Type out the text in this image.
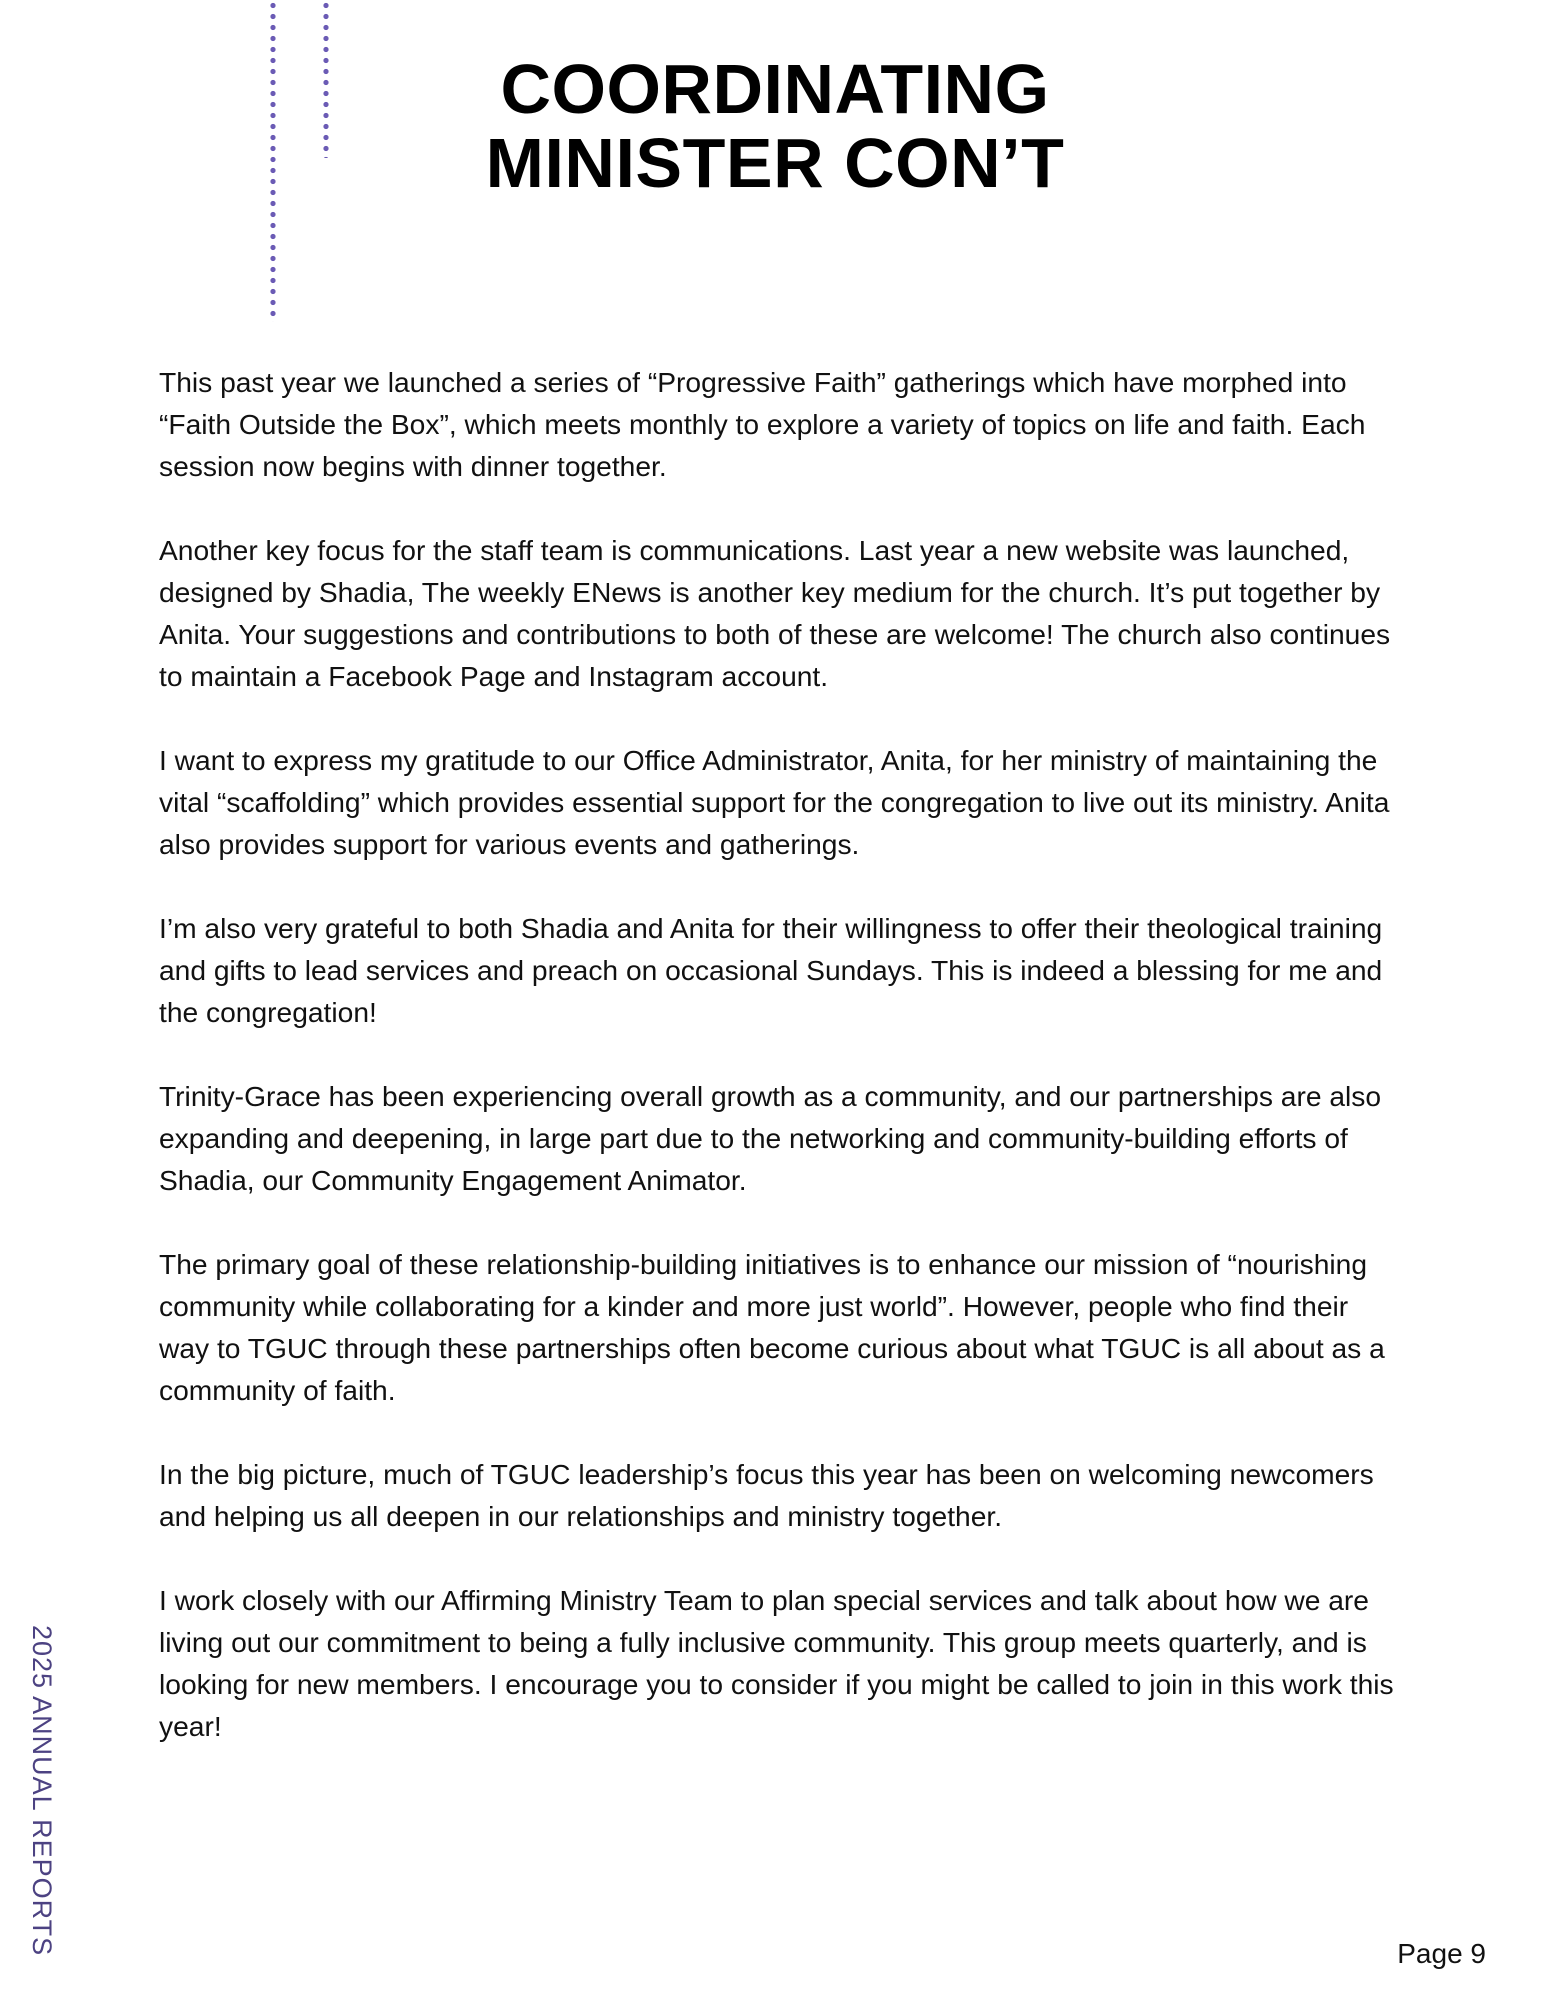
COORDINATING
MINISTER CON’T

This past year we launched a series of “Progressive Faith” gatherings which have morphed into “Faith Outside the Box”, which meets monthly to explore a variety of topics on life and faith. Each session now begins with dinner together.

Another key focus for the staff team is communications. Last year a new website was launched, designed by Shadia, The weekly ENews is another key medium for the church. It’s put together by Anita. Your suggestions and contributions to both of these are welcome! The church also continues to maintain a Facebook Page and Instagram account.

I want to express my gratitude to our Office Administrator, Anita, for her ministry of maintaining the vital “scaffolding” which provides essential support for the congregation to live out its ministry. Anita also provides support for various events and gatherings.

I’m also very grateful to both Shadia and Anita for their willingness to offer their theological training and gifts to lead services and preach on occasional Sundays. This is indeed a blessing for me and the congregation!

Trinity-Grace has been experiencing overall growth as a community, and our partnerships are also expanding and deepening, in large part due to the networking and community-building efforts of Shadia, our Community Engagement Animator.

The primary goal of these relationship-building initiatives is to enhance our mission of “nourishing community while collaborating for a kinder and more just world”. However, people who find their way to TGUC through these partnerships often become curious about what TGUC is all about as a community of faith.

In the big picture, much of TGUC leadership’s focus this year has been on welcoming newcomers and helping us all deepen in our relationships and ministry together.

I work closely with our Affirming Ministry Team to plan special services and talk about how we are living out our commitment to being a fully inclusive community. This group meets quarterly, and is looking for new members. I encourage you to consider if you might be called to join in this work this year!

2025 ANNUAL REPORTS	Page 9
